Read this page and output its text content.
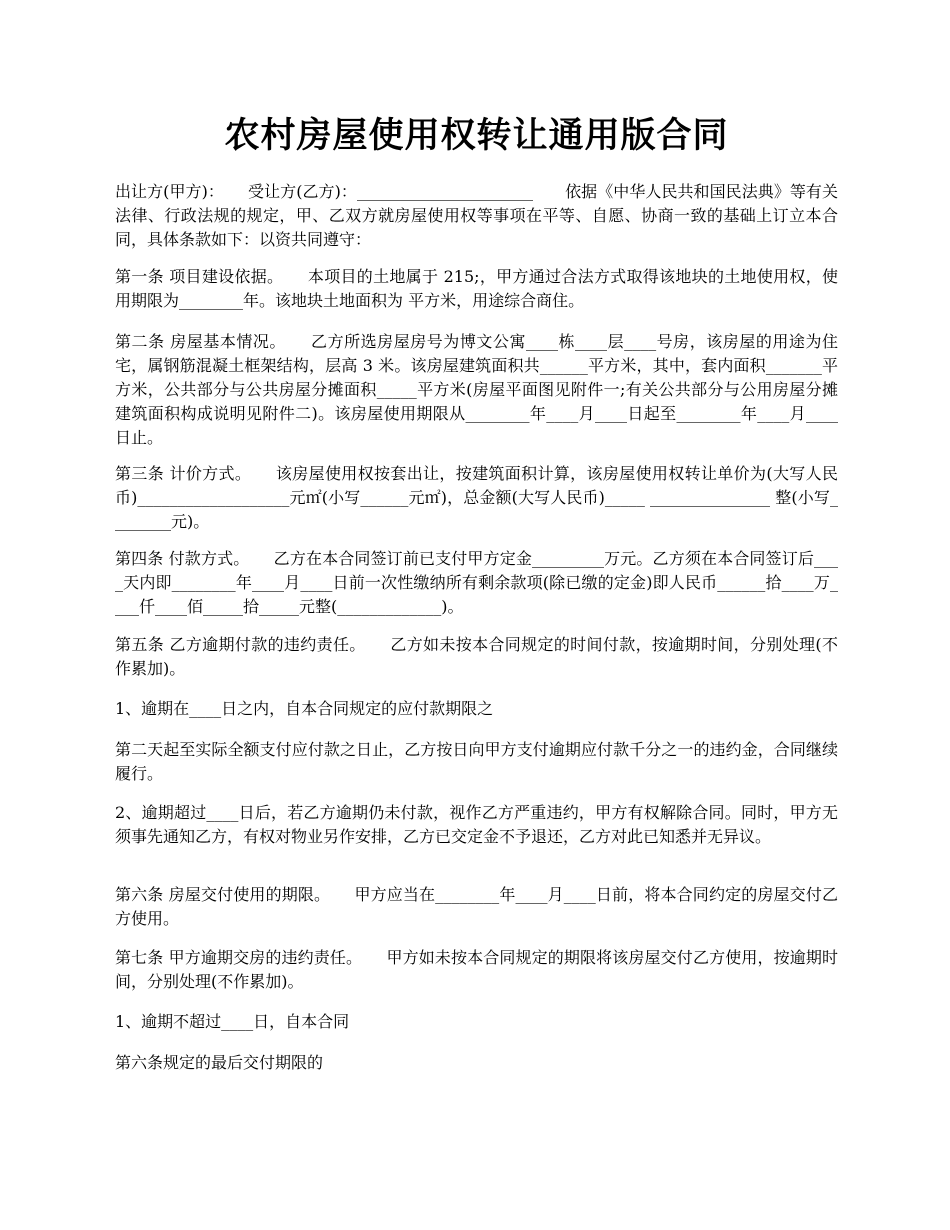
农村房屋使用权转让通用版合同
出让方(甲方)：　　受让方(乙方)：______________________　　依据《中华人民共和国民法典》等有关法律、行政法规的规定，甲、乙双方就房屋使用权等事项在平等、自愿、协商一致的基础上订立本合同，具体条款如下：以资共同遵守：
第一条 项目建设依据。　　本项目的土地属于 215;，甲方通过合法方式取得该地块的土地使用权，使用期限为________年。该地块土地面积为 平方米，用途综合商住。
第二条 房屋基本情况。　　乙方所选房屋房号为博文公寓____栋____层____号房，该房屋的用途为住宅，属钢筋混凝土框架结构，层高 3 米。该房屋建筑面积共______平方米，其中，套内面积_______平方米，公共部分与公共房屋分摊面积_____平方米(房屋平面图见附件一;有关公共部分与公用房屋分摊建筑面积构成说明见附件二)。该房屋使用期限从________年____月____日起至________年____月____日止。
第三条 计价方式。　　该房屋使用权按套出让，按建筑面积计算，该房屋使用权转让单价为(大写人民币)___________________元㎡(小写______元㎡)，总金额(大写人民币)_____ _______________ 整(小写________元)。
第四条 付款方式。　　乙方在本合同签订前已支付甲方定金_________万元。乙方须在本合同签订后____天内即________年____月____日前一次性缴纳所有剩余款项(除已缴的定金)即人民币______拾____万____仟____佰_____拾_____元整(_____________)。
第五条 乙方逾期付款的违约责任。　　乙方如未按本合同规定的时间付款，按逾期时间，分别处理(不作累加)。
1、逾期在____日之内，自本合同规定的应付款期限之
第二天起至实际全额支付应付款之日止，乙方按日向甲方支付逾期应付款千分之一的违约金，合同继续履行。
2、逾期超过____日后，若乙方逾期仍未付款，视作乙方严重违约，甲方有权解除合同。同时，甲方无须事先通知乙方，有权对物业另作安排，乙方已交定金不予退还，乙方对此已知悉并无异议。
第六条 房屋交付使用的期限。　　甲方应当在________年____月____日前，将本合同约定的房屋交付乙方使用。
第七条 甲方逾期交房的违约责任。　　甲方如未按本合同规定的期限将该房屋交付乙方使用，按逾期时间，分别处理(不作累加)。
1、逾期不超过____日，自本合同
第六条规定的最后交付期限的
